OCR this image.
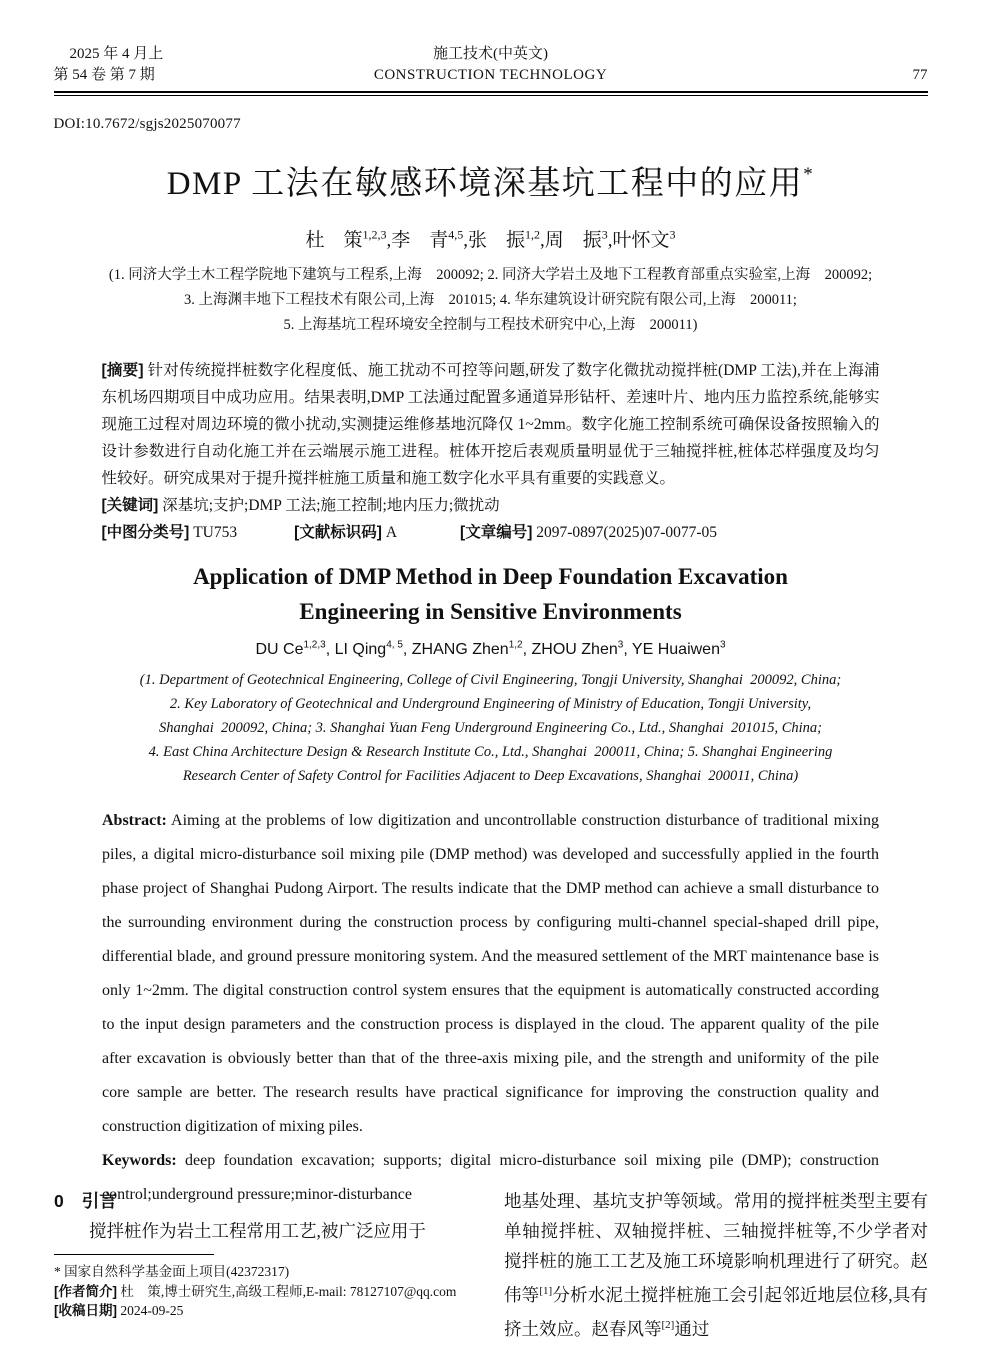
2025 年 4 月上
第 54 卷 第 7 期
施工技术(中英文)
CONSTRUCTION TECHNOLOGY	77
DOI:10.7672/sgjs2025070077
DMP 工法在敏感环境深基坑工程中的应用*
杜　策$^{1,2,3}$,李　青$^{4,5}$,张　振$^{1,2}$,周　振$^3$,叶怀文$^3$
(1. 同济大学土木工程学院地下建筑与工程系,上海　200092; 2. 同济大学岩土及地下工程教育部重点实验室,上海　200092;
3. 上海渊丰地下工程技术有限公司,上海　201015; 4. 华东建筑设计研究院有限公司,上海　200011;
5. 上海基坑工程环境安全控制与工程技术研究中心,上海　200011)

[摘要] 针对传统搅拌桩数字化程度低、施工扰动不可控等问题,研发了数字化微扰动搅拌桩(DMP 工法),并在上海浦东机场四期项目中成功应用。结果表明,DMP 工法通过配置多通道异形钻杆、差速叶片、地内压力监控系统,能够实现施工过程对周边环境的微小扰动,实测捷运维修基地沉降仅 1~2mm。数字化施工控制系统可确保设备按照输入的设计参数进行自动化施工并在云端展示施工进程。桩体开挖后表观质量明显优于三轴搅拌桩,桩体芯样强度及均匀性较好。研究成果对于提升搅拌桩施工质量和施工数字化水平具有重要的实践意义。

[关键词] 深基坑;支护;DMP 工法;施工控制;地内压力;微扰动

[中图分类号] TU753	[文献标识码] A	[文章编号] 2097-0897(2025)07-0077-05
Application of DMP Method in Deep Foundation Excavation
Engineering in Sensitive Environments
DU Ce$^{1,2,3}$, LI Qing$^{4, 5}$, ZHANG Zhen$^{1,2}$, ZHOU Zhen$^3$, YE Huaiwen$^3$
(1. Department of Geotechnical Engineering, College of Civil Engineering, Tongji University, Shanghai  200092, China;
2. Key Laboratory of Geotechnical and Underground Engineering of Ministry of Education, Tongji University,
Shanghai  200092, China; 3. Shanghai Yuan Feng Underground Engineering Co., Ltd., Shanghai  201015, China;
4. East China Architecture Design & Research Institute Co., Ltd., Shanghai  200011, China; 5. Shanghai Engineering
Research Center of Safety Control for Facilities Adjacent to Deep Excavations, Shanghai  200011, China)

Abstract: Aiming at the problems of low digitization and uncontrollable construction disturbance of traditional mixing piles, a digital micro-disturbance soil mixing pile (DMP method) was developed and successfully applied in the fourth phase project of Shanghai Pudong Airport. The results indicate that the DMP method can achieve a small disturbance to the surrounding environment during the construction process by configuring multi-channel special-shaped drill pipe, differential blade, and ground pressure monitoring system. And the measured settlement of the MRT maintenance base is only 1~2mm. The digital construction control system ensures that the equipment is automatically constructed according to the input design parameters and the construction process is displayed in the cloud. The apparent quality of the pile after excavation is obviously better than that of the three-axis mixing pile, and the strength and uniformity of the pile core sample are better. The research results have practical significance for improving the construction quality and construction digitization of mixing piles.

Keywords: deep foundation excavation; supports; digital micro-disturbance soil mixing pile (DMP); construction control;underground pressure;minor-disturbance

0 引言

搅拌桩作为岩土工程常用工艺,被广泛应用于

* 国家自然科学基金面上项目(42372317)
[作者简介] 杜　策,博士研究生,高级工程师,E-mail: 78127107@qq.com
[收稿日期] 2024-09-25

地基处理、基坑支护等领域。常用的搅拌桩类型主要有单轴搅拌桩、双轴搅拌桩、三轴搅拌桩等,不少学者对搅拌桩的施工工艺及施工环境影响机理进行了研究。赵伟等[1]分析水泥土搅拌桩施工会引起邻近地层位移,具有挤土效应。赵春风等[2]通过
